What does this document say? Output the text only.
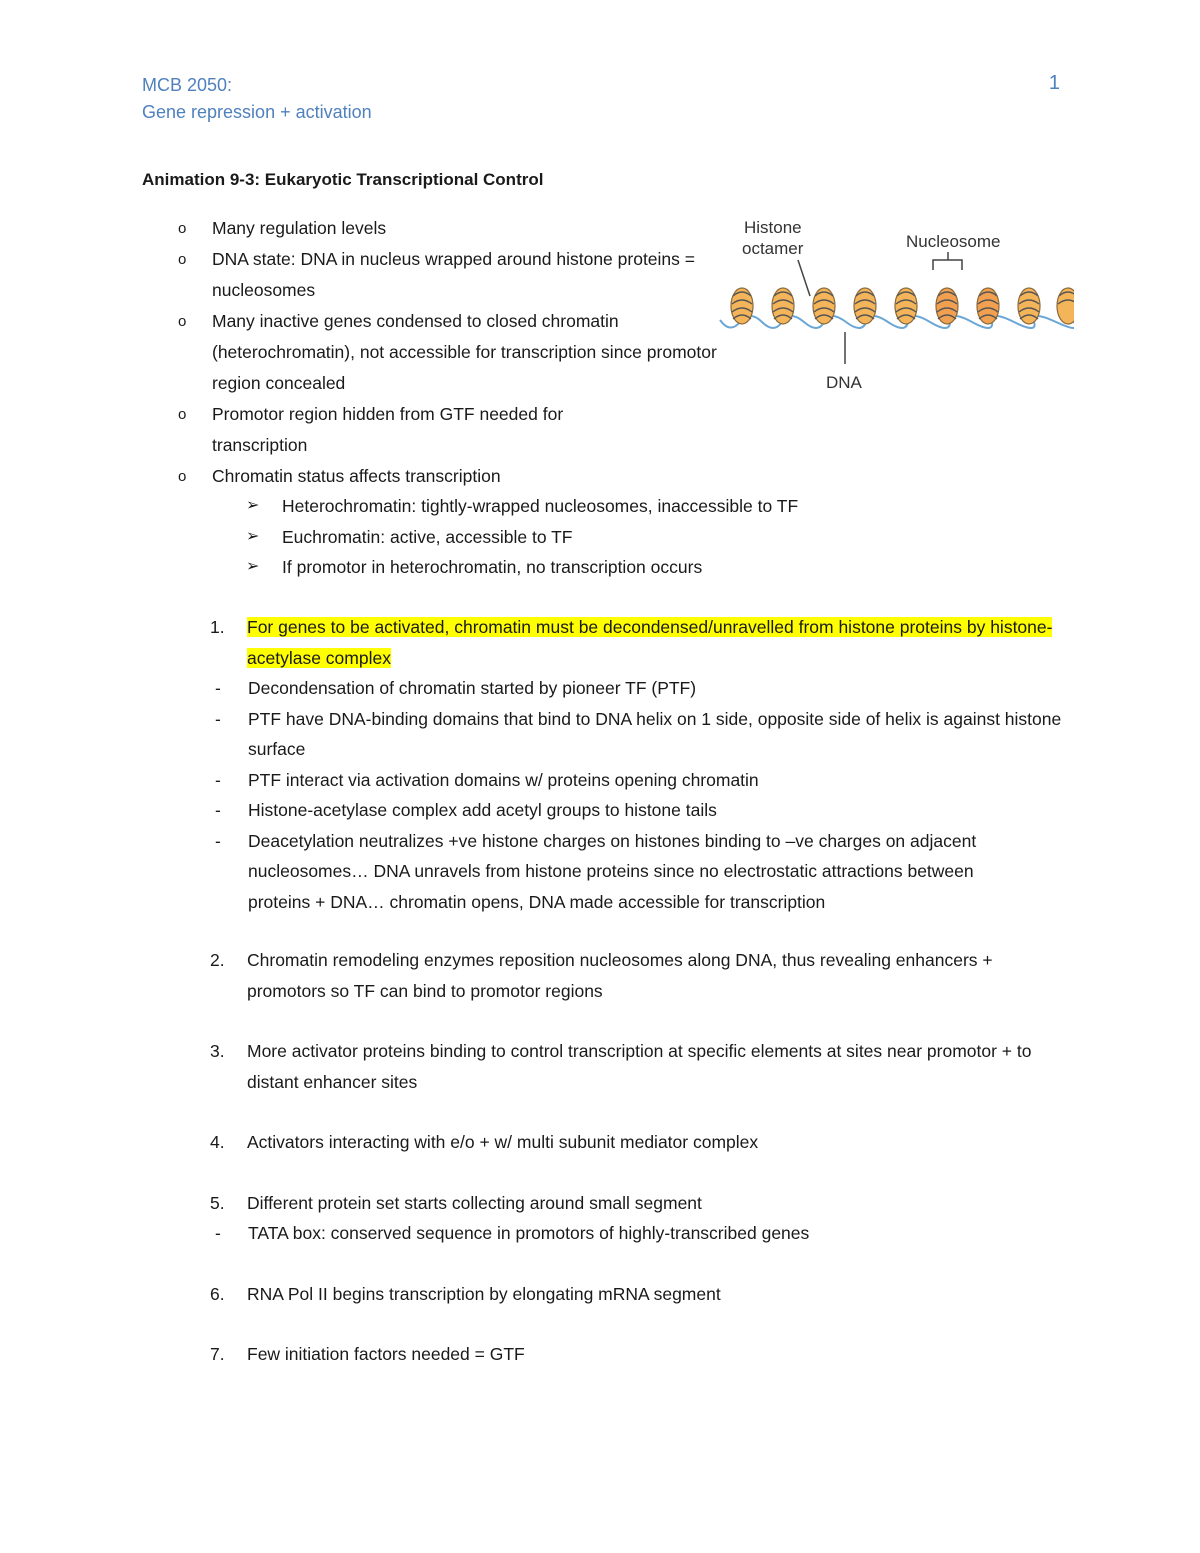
MCB 2050:
Gene repression + activation
1
Animation 9-3: Eukaryotic Transcriptional Control
o Many regulation levels
o DNA state: DNA in nucleus wrapped around histone proteins = nucleosomes
o Many inactive genes condensed to closed chromatin (heterochromatin), not accessible for transcription since promotor region concealed
o Promotor region hidden from GTF needed for transcription
o Chromatin status affects transcription
➢ Heterochromatin: tightly-wrapped nucleosomes, inaccessible to TF
➢ Euchromatin: active, accessible to TF
➢ If promotor in heterochromatin, no transcription occurs
Histone
octamer	Nucleosome
DNA
1. For genes to be activated, chromatin must be decondensed/unravelled from histone proteins by histone-acetylase complex
- Decondensation of chromatin started by pioneer TF (PTF)
- PTF have DNA-binding domains that bind to DNA helix on 1 side, opposite side of helix is against histone surface
- PTF interact via activation domains w/ proteins opening chromatin
- Histone-acetylase complex add acetyl groups to histone tails
- Deacetylation neutralizes +ve histone charges on histones binding to –ve charges on adjacent nucleosomes… DNA unravels from histone proteins since no electrostatic attractions between proteins + DNA… chromatin opens, DNA made accessible for transcription
2. Chromatin remodeling enzymes reposition nucleosomes along DNA, thus revealing enhancers + promotors so TF can bind to promotor regions
3. More activator proteins binding to control transcription at specific elements at sites near promotor + to distant enhancer sites
4. Activators interacting with e/o + w/ multi subunit mediator complex
5. Different protein set starts collecting around small segment
- TATA box: conserved sequence in promotors of highly-transcribed genes
6. RNA Pol II begins transcription by elongating mRNA segment
7. Few initiation factors needed = GTF
